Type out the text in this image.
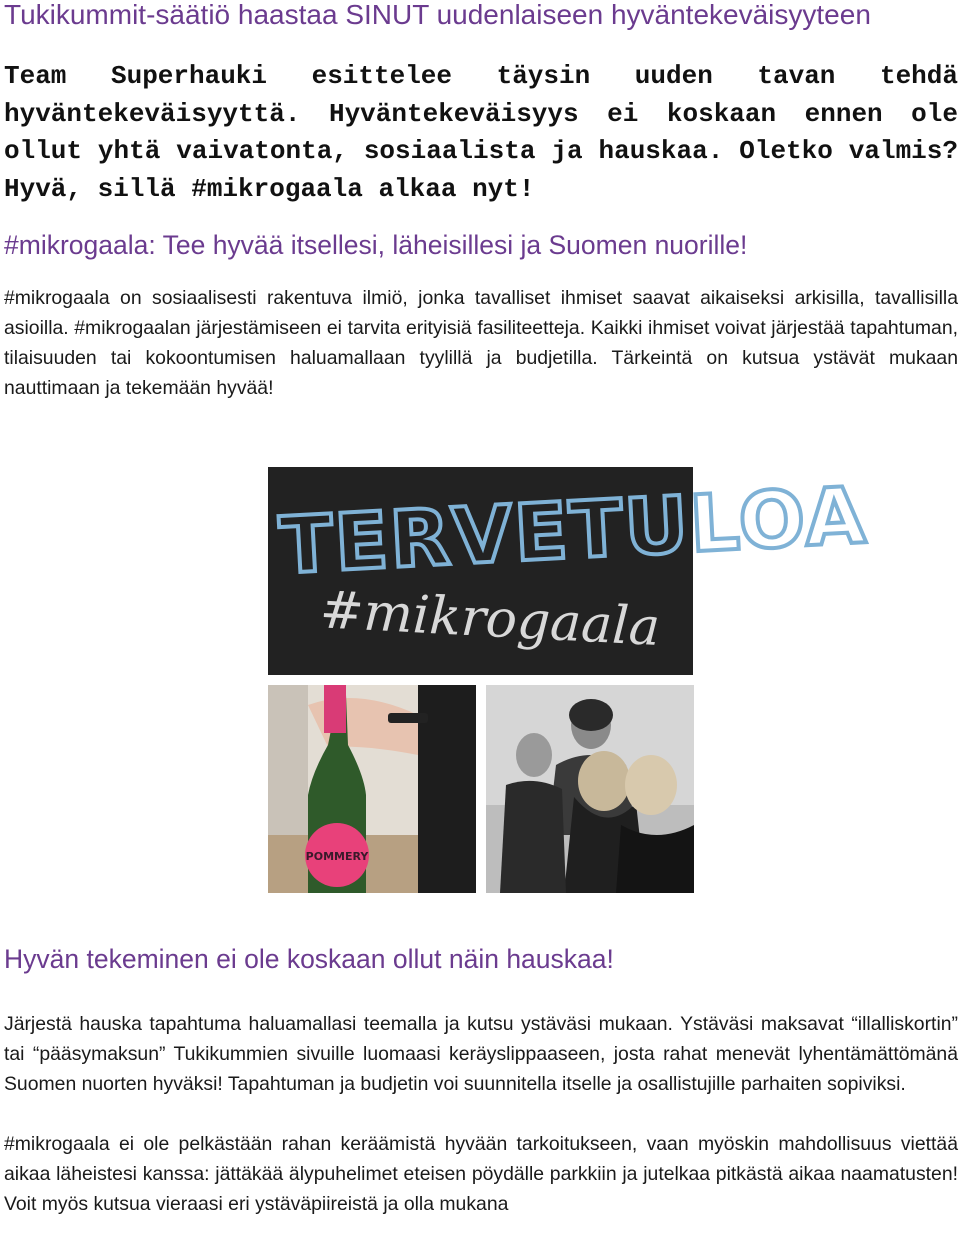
Tukikummit-säätiö haastaa SINUT uudenlaiseen hyväntekeväisyyteen

Team Superhauki esittelee täysin uuden tavan tehdä hyväntekeväisyyttä. Hyväntekeväisyys ei koskaan ennen ole ollut yhtä vaivatonta, sosiaalista ja hauskaa. Oletko valmis? Hyvä, sillä #mikrogaala alkaa nyt!

#mikrogaala: Tee hyvää itsellesi, läheisillesi ja Suomen nuorille!

#mikrogaala on sosiaalisesti rakentuva ilmiö, jonka tavalliset ihmiset saavat aikaiseksi arkisilla, tavallisilla asioilla. #mikrogaalan järjestämiseen ei tarvita erityisiä fasiliteetteja. Kaikki ihmiset voivat järjestää tapahtuman, tilaisuuden tai kokoontumisen haluamallaan tyylillä ja budjetilla. Tärkeintä on kutsua ystävät mukaan nauttimaan ja tekemään hyvää!

TERVETULOA
#mikrogaala
POMMERY
Hyvän tekeminen ei ole koskaan ollut näin hauskaa!

Järjestä hauska tapahtuma haluamallasi teemalla ja kutsu ystäväsi mukaan. Ystäväsi maksavat “illalliskortin” tai “pääsymaksun” Tukikummien sivuille luomaasi keräyslippaaseen, josta rahat menevät lyhentämättömänä Suomen nuorten hyväksi! Tapahtuman ja budjetin voi suunnitella itselle ja osallistujille parhaiten sopiviksi.

#mikrogaala ei ole pelkästään rahan keräämistä hyvään tarkoitukseen, vaan myöskin mahdollisuus viettää aikaa läheistesi kanssa: jättäkää älypuhelimet eteisen pöydälle parkkiin ja jutelkaa pitkästä aikaa naamatusten! Voit myös kutsua vieraasi eri ystäväpiireistä ja olla mukana
